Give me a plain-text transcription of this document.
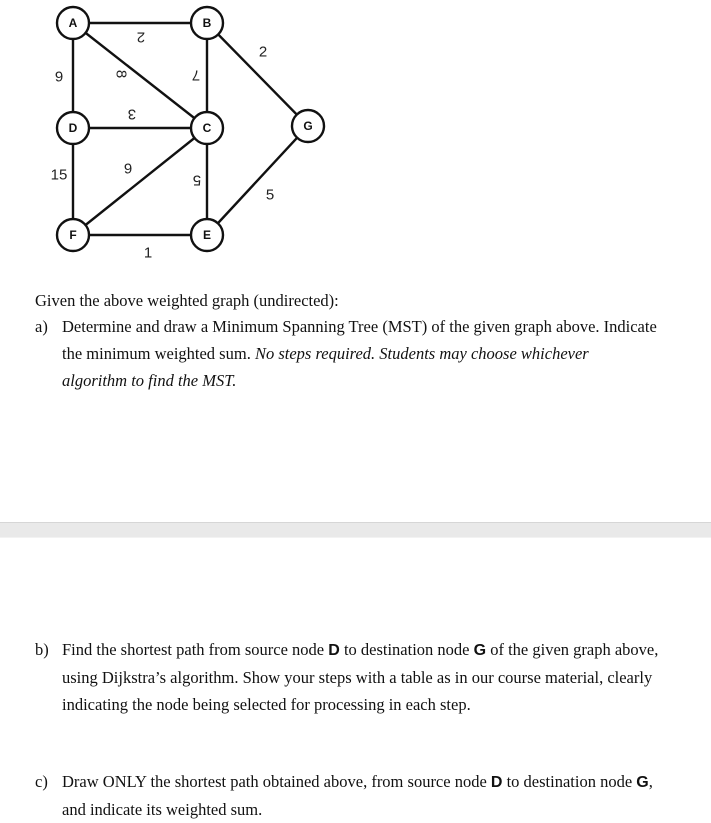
2
2
9	8	7
3
15	9
5
5
1
A	B
C
D
E
F
G
Given the above weighted graph (undirected):
a) Determine and draw a Minimum Spanning Tree (MST) of the given graph above. Indicate
the minimum weighted sum. No steps required. Students may choose whichever
algorithm to find the MST.
b) Find the shortest path from source node D to destination node G of the given graph above,
using Dijkstra’s algorithm. Show your steps with a table as in our course material, clearly
indicating the node being selected for processing in each step.
c) Draw ONLY the shortest path obtained above, from source node D to destination node G,
and indicate its weighted sum.
